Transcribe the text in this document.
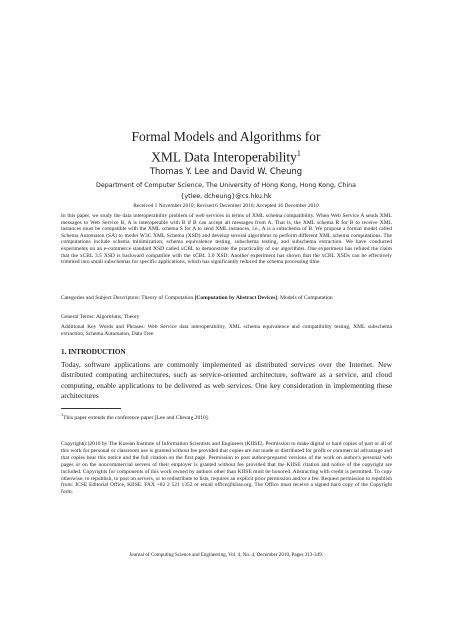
Formal Models and Algorithms for
XML Data Interoperability$^1$
Thomas Y. Lee and David W. Cheung
Department of Computer Science, The University of Hong Kong, Hong Kong, China
{ytlee, dcheung}@cs.hku.hk
Received 1 November 2010; Revised 6 December 2010; Accepted 16 December 2010
In this paper, we study the data interoperability problem of web services in terms of XML schema compatibility. When Web Service A sends XML messages to Web Service B, A is interoperable with B if B can accept all messages from A. That is, the XML schema R for B to receive XML instances must be compatible with the XML schema S for A to send XML instances, i.e., A is a subschema of B. We propose a formal model called Schema Automaton (SA) to model W3C XML Schema (XSD) and develop several algorithms to perform different XML schema computations. The computations include schema minimization, schema equivalence testing, subschema testing, and subschema extraction. We have conducted experiments on an e-commerce standard XSD called xCBL to demonstrate the practicality of our algorithms. One experiment has refuted the claim that the xCBL 3.5 XSD is backward compatible with the xCBL 3.0 XSD. Another experiment has shown that the xCBL XSDs can be effectively trimmed into small subschemas for specific applications, which has significantly reduced the schema processing time.
Categories and Subject Descriptors: Theory of Computation [Computation by Abstract Devices]: Models of Computation
General Terms: Algorithms, Theory
Additional Key Words and Phrases: Web Service data interoperability, XML schema equivalence and compatibility testing, XML subschema extraction, Schema Automaton, Data Tree
1. INTRODUCTION
Today, software applications are commonly implemented as distributed services over the Internet. New distributed computing architectures, such as service-oriented architecture, software as a service, and cloud computing, enable applications to be delivered as web services. One key consideration in implementing these architectures
$^1$This paper extends the conference paper [Lee and Cheung 2010].
Copyright(c)2010 by The Korean Institute of Information Scientists and Engineers (KIISE). Permission to make digital or hard copies of part or all of this work for personal or classroom use is granted without fee provided that copies are not made or distributed for profit or commercial advantage and that copies bear this notice and the full citation on the first page. Permission to post author-prepared versions of the work on author's personal web pages or on the noncommercial servers of their employer is granted without fee provided that the KIISE citation and notice of the copyright are included. Copyrights for components of this work owned by authors other than KIISE must be honored. Abstracting with credit is permitted. To copy otherwise, to republish, to post on servers, or to redistribute to lists, requires an explicit prior permission and/or a fee. Request permission to republish from: JCSE Editorial Office, KIISE. FAX +82 2 521 1352 or email office@kiise.org. The Office must receive a signed hard copy of the Copyright form.
Journal of Computing Science and Engineering, Vol. 4, No. 4, December 2010, Pages 313-349.
